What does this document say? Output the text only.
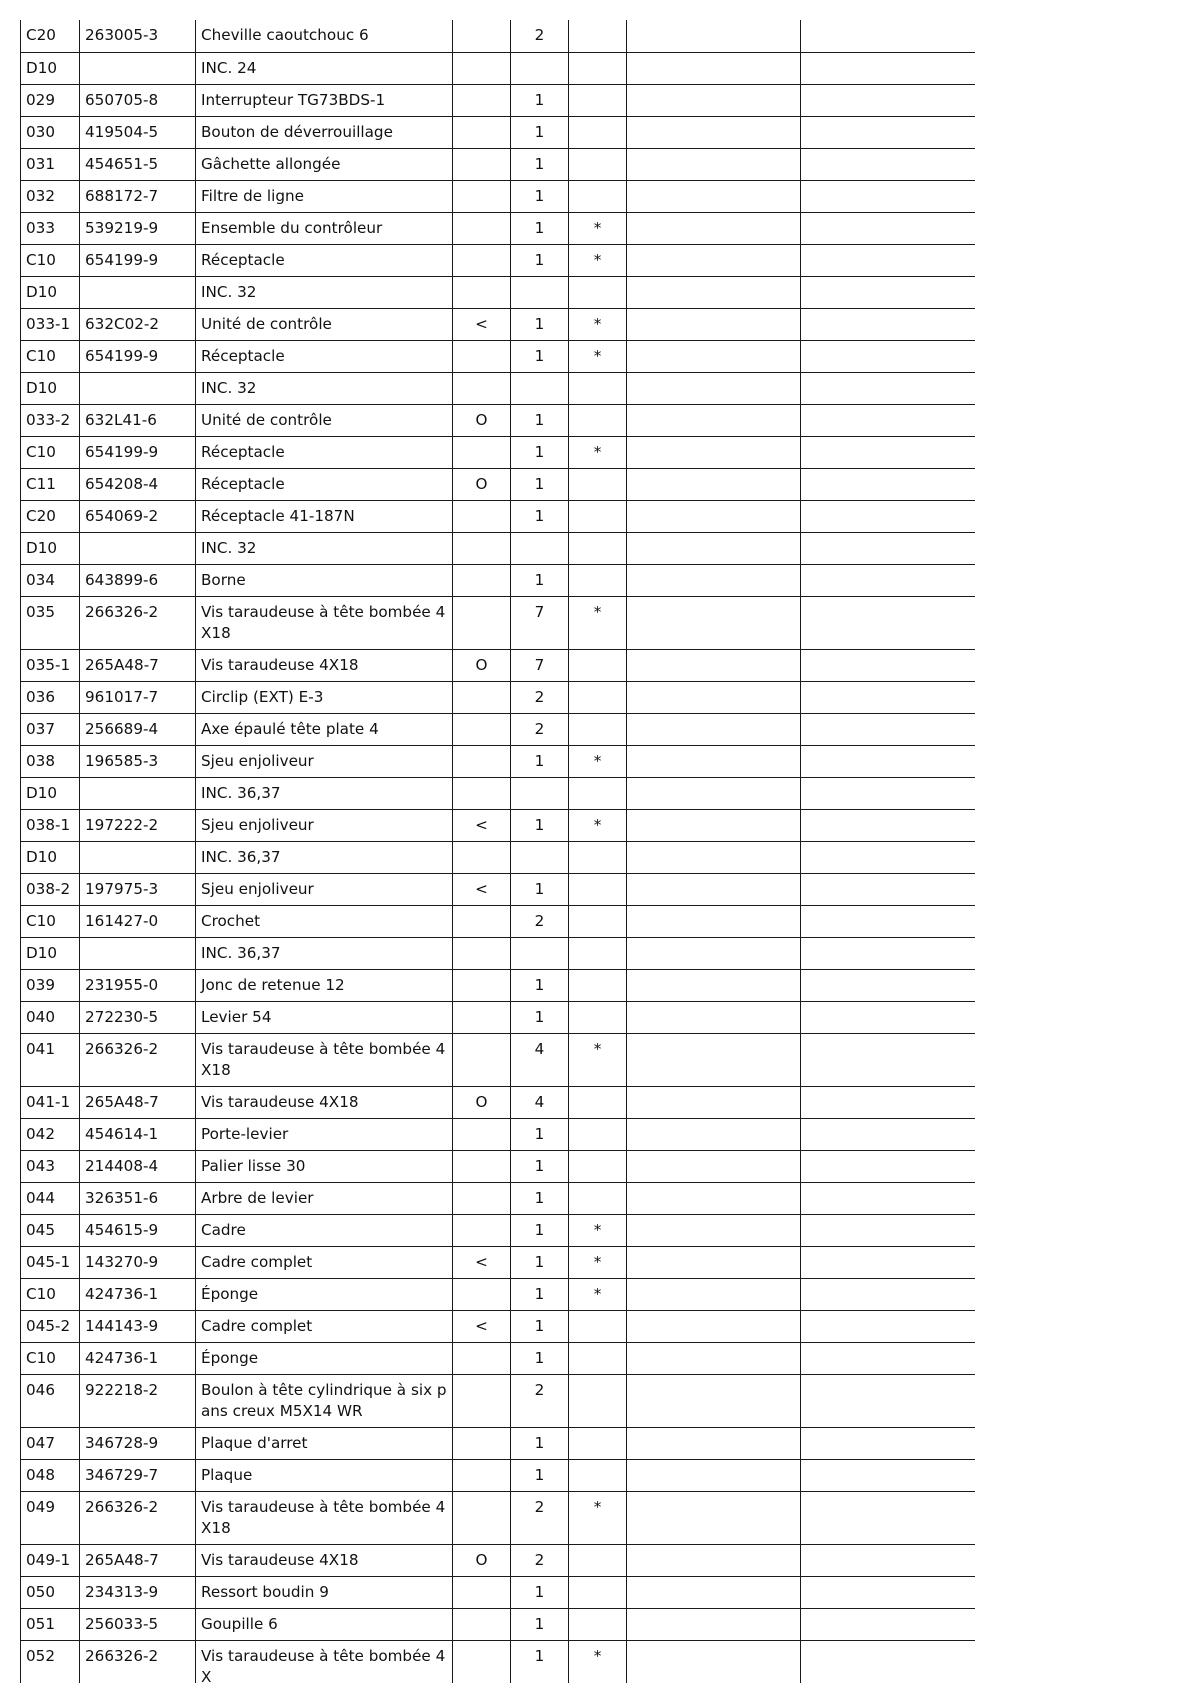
C20	263005-3	Cheville caoutchouc 6		2			
D10		INC. 24					
029	650705-8	Interrupteur TG73BDS-1		1			
030	419504-5	Bouton de déverrouillage		1			
031	454651-5	Gâchette allongée		1			
032	688172-7	Filtre de ligne		1			
033	539219-9	Ensemble du contrôleur		1	*		
C10	654199-9	Réceptacle		1	*		
D10		INC. 32					
033-1	632C02-2	Unité de contrôle	<	1	*		
C10	654199-9	Réceptacle		1	*		
D10		INC. 32					
033-2	632L41-6	Unité de contrôle	O	1			
C10	654199-9	Réceptacle		1	*		
C11	654208-4	Réceptacle	O	1			
C20	654069-2	Réceptacle 41-187N		1			
D10		INC. 32					
034	643899-6	Borne		1			
035	266326-2	Vis taraudeuse à tête bombée 4X18		7	*		
035-1	265A48-7	Vis taraudeuse 4X18	O	7			
036	961017-7	Circlip (EXT) E-3		2			
037	256689-4	Axe épaulé tête plate 4		2			
038	196585-3	Sjeu enjoliveur		1	*		
D10		INC. 36,37					
038-1	197222-2	Sjeu enjoliveur	<	1	*		
D10		INC. 36,37					
038-2	197975-3	Sjeu enjoliveur	<	1			
C10	161427-0	Crochet		2			
D10		INC. 36,37					
039	231955-0	Jonc de retenue 12		1			
040	272230-5	Levier 54		1			
041	266326-2	Vis taraudeuse à tête bombée 4X18		4	*		
041-1	265A48-7	Vis taraudeuse 4X18	O	4			
042	454614-1	Porte-levier		1			
043	214408-4	Palier lisse 30		1			
044	326351-6	Arbre de levier		1			
045	454615-9	Cadre		1	*		
045-1	143270-9	Cadre complet	<	1	*		
C10	424736-1	Éponge		1	*		
045-2	144143-9	Cadre complet	<	1			
C10	424736-1	Éponge		1			
046	922218-2	Boulon à tête cylindrique à six pans creux M5X14 WR		2			
047	346728-9	Plaque d'arret		1			
048	346729-7	Plaque		1			
049	266326-2	Vis taraudeuse à tête bombée 4X18		2	*		
049-1	265A48-7	Vis taraudeuse 4X18	O	2			
050	234313-9	Ressort boudin 9		1			
051	256033-5	Goupille 6		1			
052	266326-2	Vis taraudeuse à tête bombée 4X		1	*		
